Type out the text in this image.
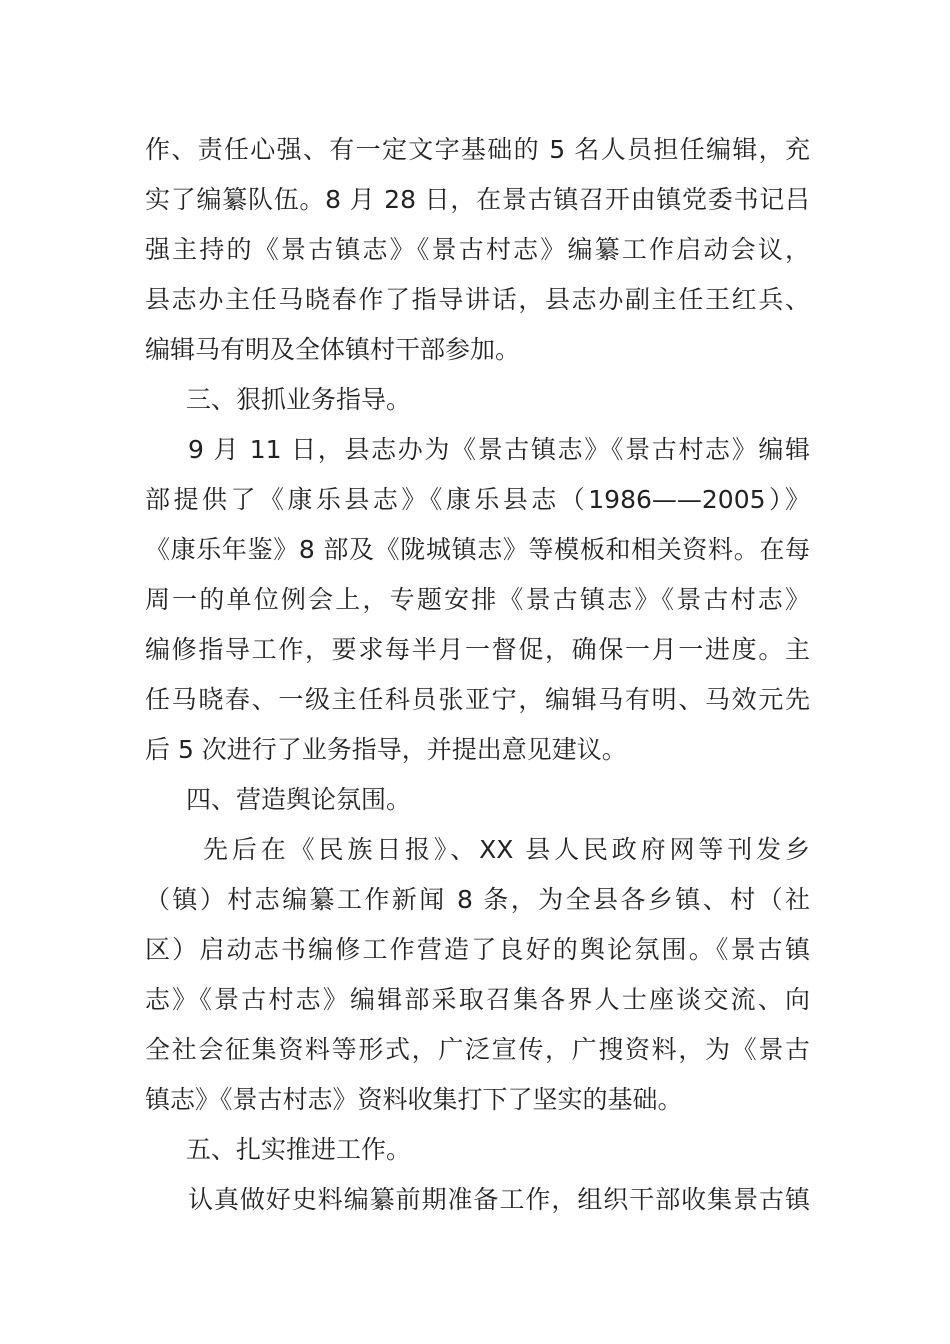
作、责任心强、有一定文字基础的 5 名人员担任编辑，充
实了编纂队伍。8 月 28 日，在景古镇召开由镇党委书记吕
强主持的《景古镇志》《景古村志》编纂工作启动会议，
县志办主任马晓春作了指导讲话，县志办副主任王红兵、
编辑马有明及全体镇村干部参加。
三、狠抓业务指导。
9 月 11 日，县志办为《景古镇志》《景古村志》编辑
部提供了《康乐县志》《康乐县志（1986——2005）》
《康乐年鉴》8 部及《陇城镇志》等模板和相关资料。在每
周一的单位例会上，专题安排《景古镇志》《景古村志》
编修指导工作，要求每半月一督促，确保一月一进度。主
任马晓春、一级主任科员张亚宁，编辑马有明、马效元先
后 5 次进行了业务指导，并提出意见建议。
四、营造舆论氛围。
先后在《民族日报》、XX 县人民政府网等刊发乡
（镇）村志编纂工作新闻 8 条，为全县各乡镇、村（社
区）启动志书编修工作营造了良好的舆论氛围。《景古镇
志》《景古村志》编辑部采取召集各界人士座谈交流、向
全社会征集资料等形式，广泛宣传，广搜资料，为《景古
镇志》《景古村志》资料收集打下了坚实的基础。
五、扎实推进工作。
认真做好史料编纂前期准备工作，组织干部收集景古镇
